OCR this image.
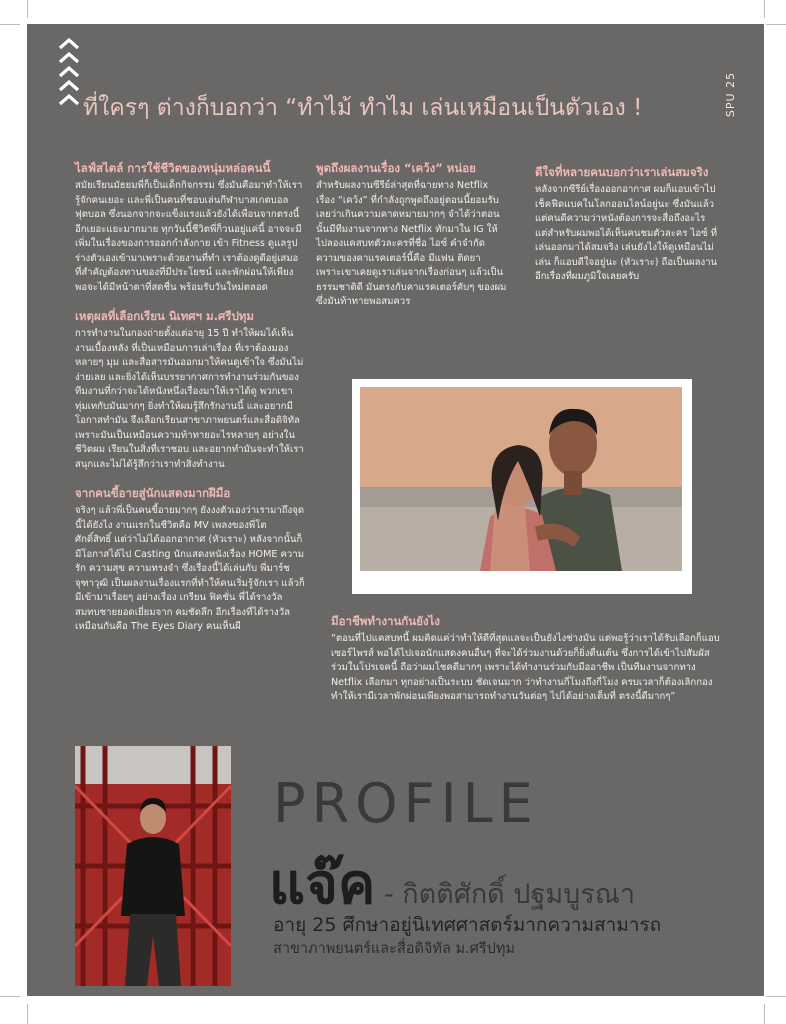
SPU 25
ที่ใครๆ ต่างก็บอกว่า “ทำไม้ ทำไม เล่นเหมือนเป็นตัวเอง !
ไลฟ์สไตล์ การใช้ชีวิตของหนุ่มหล่อคนนี้

สมัยเรียนมัธยมพี่ก็เป็นเด็กกิจกรรม ซึ่งมันคือมาทำให้เรารู้จักคนเยอะ และพี่เป็นคนที่ชอบเล่นกีฬาบาสเกตบอล ฟุตบอล ซึ่งนอกจากจะแข็งแรงแล้วยังได้เพื่อนจากตรงนี้อีกเยอะแยะมากมาย ทุกวันนี้ชีวิตพี่ก็วนอยู่แค่นี้ อาจจะมีเพิ่มในเรื่องของการออกกำลังกาย เข้า Fitness ดูแลรูปร่างตัวเองเข้ามาเพราะด้วยงานที่ทำ เราต้องดูดีอยู่เสมอ ที่สำคัญต้องทานของที่มีประโยชน์ และพักผ่อนให้เพียงพอจะได้มีหน้าตาที่สดชื่น พร้อมรับวันใหม่ตลอด

เหตุผลที่เลือกเรียน นิเทศฯ ม.ศรีปทุม

การทำงานในกองถ่ายตั้งแต่อายุ 15 ปี ทำให้ผมได้เห็นงานเบื้องหลัง ที่เป็นเหมือนการเล่าเรื่อง ที่เราต้องมองหลายๆ มุม และสื่อสารมันออกมาให้คนดูเข้าใจ ซึ่งมันไม่ง่ายเลย และยิ่งได้เห็นบรรยากาศการทำงานร่วมกันของทีมงานที่กว่าจะได้หนังหนึ่งเรื่องมาให้เราได้ดู พวกเขาทุ่มเทกับมันมากๆ ยิ่งทำให้ผมรู้สึกรักงานนี้ และอยากมีโอกาสทำมัน จึงเลือกเรียนสาขาภาพยนตร์และสื่อดิจิทัล เพราะมันเป็นเหมือนความท้าทายอะไรหลายๆ อย่างในชีวิตผม เรียนในสิ่งที่เราชอบ และอยากทำมันจะทำให้เราสนุกและไม่ได้รู้สึกว่าเราทำสิ่งทำงาน

จากคนขี้อายสู่นักแสดงมากฝีมือ

จริงๆ แล้วพี่เป็นคนขี้อายมากๆ ยังงงตัวเองว่าเรามาถึงจุดนี้ได้ยังไง งานแรกในชีวิตคือ MV เพลงของพี่โต ศักดิ์สิทธิ์ แต่ว่าไม่ได้ออกอากาศ (หัวเราะ) หลังจากนั้นก็มีโอกาสได้ไป Casting นักแสดงหนังเรื่อง HOME ความรัก ความสุข ความทรงจำ ซึ่งเรื่องนี้ได้เล่นกับ พี่มาร์ช จุฑาวุฒิ เป็นผลงานเรื่องแรกที่ทำให้คนเริ่มรู้จักเรา แล้วก็มีเข้ามาเรื่อยๆ อย่างเรื่อง เกรียน ฟิคชั่น พี่ได้รางวัลสมทบชายยอดเยี่ยมจาก คมชัดลึก อีกเรื่องที่ได้รางวัลเหมือนกันคือ The Eyes Diary คนเห็นผี

พูดถึงผลงานเรื่อง “เคว้ง” หน่อย

สำหรับผลงานซีรีย์ล่าสุดที่ฉายทาง Netflix เรื่อง “เคว้ง” ที่กำลังถูกพูดถึงอยู่ตอนนี้ยอมรับเลยว่าเกินความคาดหมายมากๆ จำได้ว่าตอนนั้นมีทีมงานจากทาง Netflix ทักมาใน IG ให้ไปลองแคสบทตัวละครที่ชื่อ ไอซ์ คำจำกัดความของคาแรคเตอร์นี้คือ มีแฟน ติดยา เพราะเขาเคยดูเราเล่นจากเรื่องก่อนๆ แล้วเป็นธรรมชาติดี มันตรงกับคาแรคเตอร์คับๆ ของผม ซึ่งมันท้าทายพอสมควร

ดีใจที่หลายคนบอกว่าเราเล่นสมจริง

หลังจากซีรีย์เรื่องออกอากาศ ผมก็แอบเข้าไปเช็คฟีดแบคในโลกออนไลน์อยู่นะ ซึ่งมันแล้วแต่คนดีความว่าหนังต้องการจะสื่อถึงอะไร แต่สำหรับผมพอได้เห็นคนชมตัวละคร ไอซ์ ที่เล่นออกมาได้สมจริง เล่นยังไงให้ดูเหมือนไม่เล่น ก็แอบดีใจอยู่นะ (หัวเราะ) ถือเป็นผลงานอีกเรื่องที่ผมภูมิใจเลยครับ

มีอาชีพทำงานกันยังไง

“ตอนที่ไปแคสบทนี้ ผมคิดแค่ว่าทำให้ดีที่สุดแลจะเป็นยังไงช่างมัน แต่พอรู้ว่าเราได้รับเลือกก็แอบเซอร์ไพรส์ พอได้ไปเจอนักแสดงคนอื่นๆ ที่จะได้ร่วมงานด้วยก็ยิ่งตื่นเต้น ซึ่งการได้เข้าไปสัมผัสร่วมในโปรเจคนี้ ถือว่าผมโชคดีมากๆ เพราะได้ทำงานร่วมกับมืออาชีพ เป็นทีมงานจากทาง Netflix เลือกมา ทุกอย่างเป็นระบบ ชัดเจนมาก ว่าทำงานกี่โมงถึงกี่โมง ครบเวลาก็ต้องเลิกกอง ทำให้เรามีเวลาพักผ่อนเพียงพอสามารถทำงานวันต่อๆ ไปได้อย่างเต็มที่ ตรงนี้ดีมากๆ”

PROFILE
แจ๊ค - กิตติศักดิ์ ปฐมบูรณา
อายุ 25 ศึกษาอยู่นิเทศศาสตร์มากความสามารถ
สาขาภาพยนตร์และสื่อดิจิทัล ม.ศรีปทุม
